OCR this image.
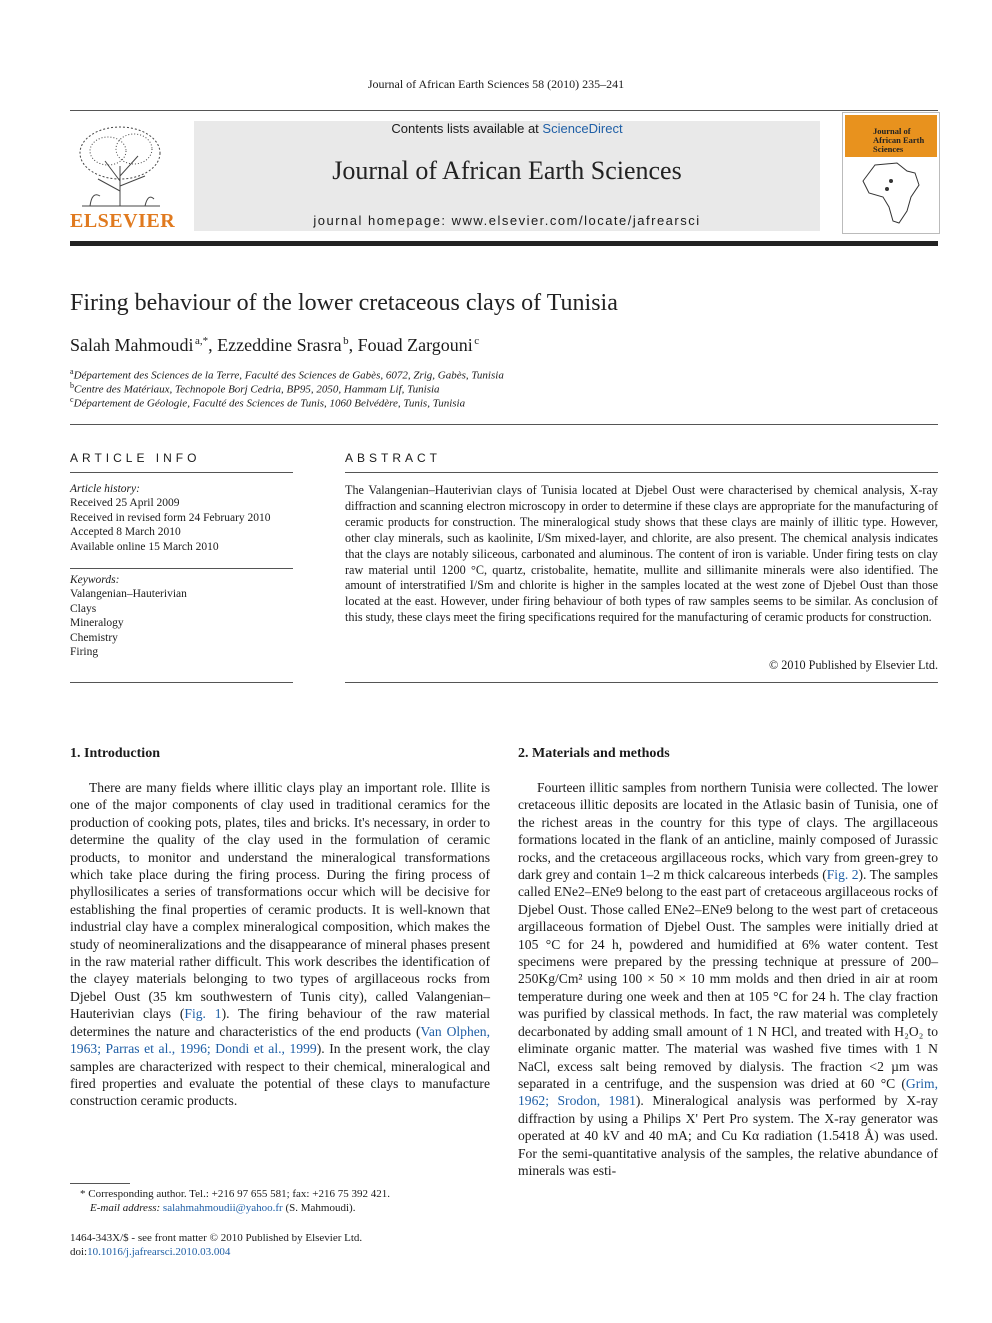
Journal of African Earth Sciences 58 (2010) 235–241
ELSEVIER
Contents lists available at ScienceDirect
Journal of African Earth Sciences
journal homepage: www.elsevier.com/locate/jafrearsci
Journal of African Earth Sciences
Firing behaviour of the lower cretaceous clays of Tunisia
Salah Mahmoudi  $^{a,*}$, Ezzeddine Srasra  $^b$, Fouad Zargouni  $^c$
$^a$Département des Sciences de la Terre, Faculté des Sciences de Gabès, 6072, Zrig, Gabès, Tunisia
$^b$Centre des Matériaux, Technopole Borj Cedria, BP95, 2050, Hammam Lif, Tunisia
$^c$Département de Géologie, Faculté des Sciences de Tunis, 1060 Belvédère, Tunis, Tunisia
ARTICLE INFO
Article history:
Received 25 April 2009
Received in revised form 24 February 2010
Accepted 8 March 2010
Available online 15 March 2010
Keywords:
Valangenian–Hauterivian
Clays
Mineralogy
Chemistry
Firing
ABSTRACT
The Valangenian–Hauterivian clays of Tunisia located at Djebel Oust were characterised by chemical analysis, X-ray diffraction and scanning electron microscopy in order to determine if these clays are appropriate for the manufacturing of ceramic products for construction. The mineralogical study shows that these clays are mainly of illitic type. However, other clay minerals, such as kaolinite, I/Sm mixed-layer, and chlorite, are also present. The chemical analysis indicates that the clays are notably siliceous, carbonated and aluminous. The content of iron is variable. Under firing tests on clay raw material until 1200 °C, quartz, cristobalite, hematite, mullite and sillimanite minerals were also identified. The amount of interstratified I/Sm and chlorite is higher in the samples located at the west zone of Djebel Oust than those located at the east. However, under firing behaviour of both types of raw samples seems to be similar. As conclusion of this study, these clays meet the firing specifications required for the manufacturing of ceramic products for construction.
© 2010 Published by Elsevier Ltd.
1. Introduction

There are many fields where illitic clays play an important role. Illite is one of the major components of clay used in traditional ceramics for the production of cooking pots, plates, tiles and bricks. It's necessary, in order to determine the quality of the clay used in the formulation of ceramic products, to monitor and understand the mineralogical transformations which take place during the firing process. During the firing process of phyllosilicates a series of transformations occur which will be decisive for establishing the final properties of ceramic products. It is well-known that industrial clay have a complex mineralogical composition, which makes the study of neomineralizations and the disappearance of mineral phases present in the raw material rather difficult. This work describes the identification of the clayey materials belonging to two types of argillaceous rocks from Djebel Oust (35 km southwestern of Tunis city), called Valangenian–Hauterivian clays (Fig. 1). The firing behaviour of the raw material determines the nature and characteristics of the end products (Van Olphen, 1963; Parras et al., 1996; Dondi et al., 1999). In the present work, the clay samples are characterized with respect to their chemical, mineralogical and fired properties and evaluate the potential of these clays to manufacture construction ceramic products.

* Corresponding author. Tel.: +216 97 655 581; fax: +216 75 392 421.
E-mail address: salahmahmoudii@yahoo.fr (S. Mahmoudi).
1464-343X/$ - see front matter © 2010 Published by Elsevier Ltd.
doi:10.1016/j.jafrearsci.2010.03.004
2. Materials and methods

Fourteen illitic samples from northern Tunisia were collected. The lower cretaceous illitic deposits are located in the Atlasic basin of Tunisia, one of the richest areas in the country for this type of clays. The argillaceous formations located in the flank of an anticline, mainly composed of Jurassic rocks, and the cretaceous argillaceous rocks, which vary from green-grey to dark grey and contain 1–2 m thick calcareous interbeds (Fig. 2). The samples called ENe2–ENe9 belong to the east part of cretaceous argillaceous rocks of Djebel Oust. Those called ENe2–ENe9 belong to the west part of cretaceous argillaceous formation of Djebel Oust. The samples were initially dried at 105 °C for 24 h, powdered and humidified at 6% water content. Test specimens were prepared by the pressing technique at pressure of 200–250Kg/Cm² using 100 × 50 × 10 mm molds and then dried in air at room temperature during one week and then at 105 °C for 24 h. The clay fraction was purified by classical methods. In fact, the raw material was completely decarbonated by adding small amount of 1 N HCl, and treated with H₂O₂ to eliminate organic matter. The material was washed five times with 1 N NaCl, excess salt being removed by dialysis. The fraction <2 µm was separated in a centrifuge, and the suspension was dried at 60 °C (Grim, 1962; Srodon, 1981). Mineralogical analysis was performed by X-ray diffraction by using a Philips X' Pert Pro system. The X-ray generator was operated at 40 kV and 40 mA; and Cu Kα radiation (1.5418 Å) was used. For the semi-quantitative analysis of the samples, the relative abundance of minerals was esti-
